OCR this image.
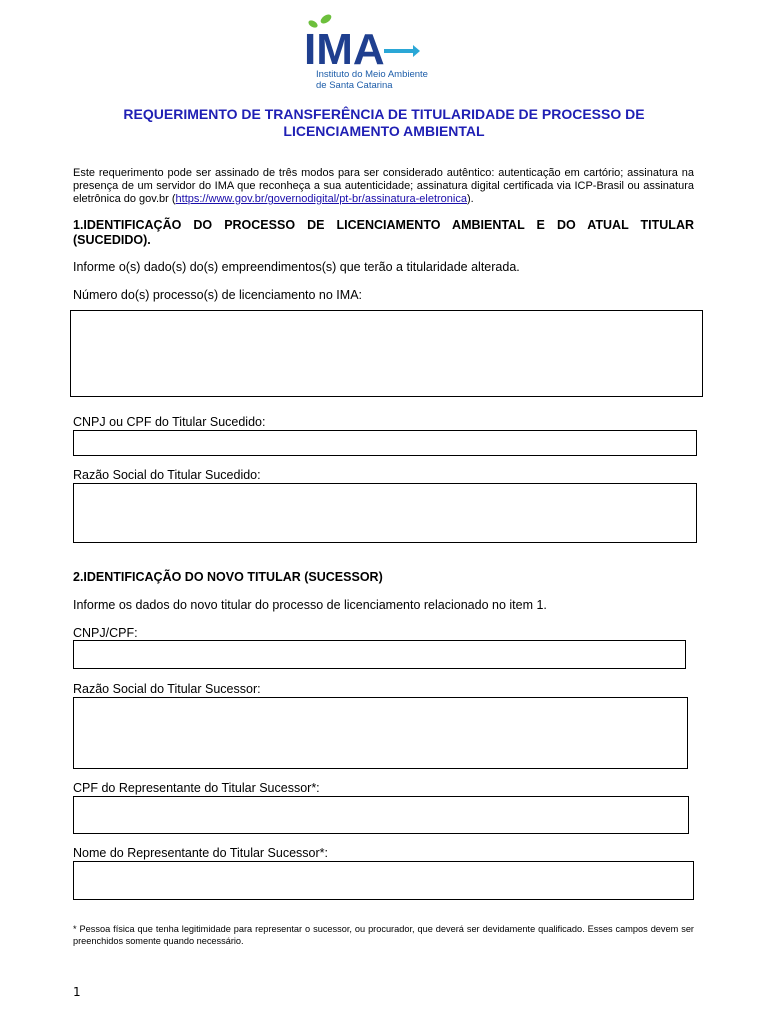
IMA
Instituto do Meio Ambiente
de Santa Catarina
REQUERIMENTO DE TRANSFERÊNCIA DE TITULARIDADE DE PROCESSO DE LICENCIAMENTO AMBIENTAL
Este requerimento pode ser assinado de três modos para ser considerado autêntico: autenticação em cartório; assinatura na presença de um servidor do IMA que reconheça a sua autenticidade; assinatura digital certificada via ICP-Brasil ou assinatura eletrônica do gov.br (https://www.gov.br/governodigital/pt-br/assinatura-eletronica).
1.IDENTIFICAÇÃO DO PROCESSO DE LICENCIAMENTO AMBIENTAL E DO ATUAL TITULAR (SUCEDIDO).
Informe o(s) dado(s) do(s) empreendimentos(s) que terão a titularidade alterada.
Número do(s) processo(s) de licenciamento no IMA:
CNPJ ou CPF do Titular Sucedido:
Razão Social do Titular Sucedido:
2.IDENTIFICAÇÃO DO NOVO TITULAR (SUCESSOR)
Informe os dados do novo titular do processo de licenciamento relacionado no item 1.
CNPJ/CPF:
Razão Social do Titular Sucessor:
CPF do Representante do Titular Sucessor*:
Nome do Representante do Titular Sucessor*:
* Pessoa física que tenha legitimidade para representar o sucessor, ou procurador, que deverá ser devidamente qualificado. Esses campos devem ser preenchidos somente quando necessário.
1
